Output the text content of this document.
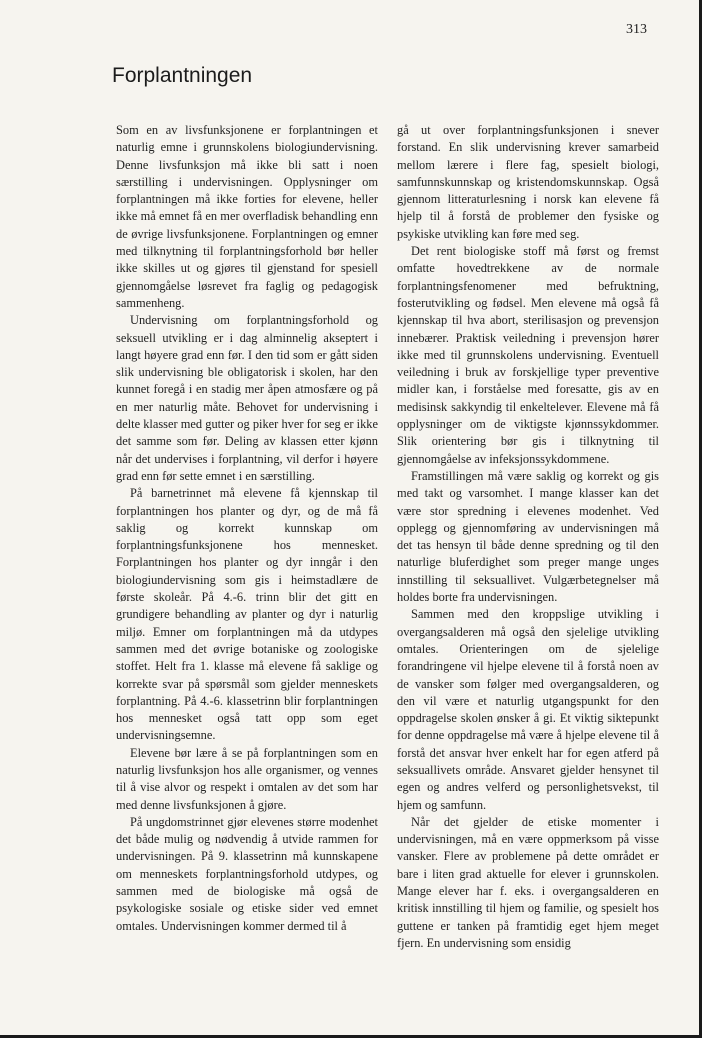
313
Forplantningen

Som en av livsfunksjonene er forplantningen et naturlig emne i grunnskolens biologiundervisning. Denne livsfunksjon må ikke bli satt i noen særstilling i undervisningen. Opplysninger om forplantningen må ikke forties for elevene, heller ikke må emnet få en mer overfladisk behandling enn de øvrige livsfunksjonene. Forplantningen og emner med tilknytning til forplantningsforhold bør heller ikke skilles ut og gjøres til gjenstand for spesiell gjennomgåelse løsrevet fra faglig og pedagogisk sammenheng.

Undervisning om forplantningsforhold og seksuell utvikling er i dag alminnelig akseptert i langt høyere grad enn før. I den tid som er gått siden slik undervisning ble obligatorisk i skolen, har den kunnet foregå i en stadig mer åpen atmosfære og på en mer naturlig måte. Behovet for undervisning i delte klasser med gutter og piker hver for seg er ikke det samme som før. Deling av klassen etter kjønn når det undervises i forplantning, vil derfor i høyere grad enn før sette emnet i en særstilling.

På barnetrinnet må elevene få kjennskap til forplantningen hos planter og dyr, og de må få saklig og korrekt kunnskap om forplantningsfunksjonene hos mennesket. Forplantningen hos planter og dyr inngår i den biologiundervisning som gis i heimstadlære de første skoleår. På 4.-6. trinn blir det gitt en grundigere behandling av planter og dyr i naturlig miljø. Emner om forplantningen må da utdypes sammen med det øvrige botaniske og zoologiske stoffet. Helt fra 1. klasse må elevene få saklige og korrekte svar på spørsmål som gjelder menneskets forplantning. På 4.-6. klassetrinn blir forplantningen hos mennesket også tatt opp som eget undervisningsemne.

Elevene bør lære å se på forplantningen som en naturlig livsfunksjon hos alle organismer, og vennes til å vise alvor og respekt i omtalen av det som har med denne livsfunksjonen å gjøre.

På ungdomstrinnet gjør elevenes større modenhet det både mulig og nødvendig å utvide rammen for undervisningen. På 9. klassetrinn må kunnskapene om menneskets forplantningsforhold utdypes, og sammen med de biologiske må også de psykologiske sosiale og etiske sider ved emnet omtales. Undervisningen kommer dermed til å

gå ut over forplantningsfunksjonen i snever forstand. En slik undervisning krever samarbeid mellom lærere i flere fag, spesielt biologi, samfunnskunnskap og kristendomskunnskap. Også gjennom litteraturlesning i norsk kan elevene få hjelp til å forstå de problemer den fysiske og psykiske utvikling kan føre med seg.

Det rent biologiske stoff må først og fremst omfatte hovedtrekkene av de normale forplantningsfenomener med befruktning, fosterutvikling og fødsel. Men elevene må også få kjennskap til hva abort, sterilisasjon og prevensjon innebærer. Praktisk veiledning i prevensjon hører ikke med til grunnskolens undervisning. Eventuell veiledning i bruk av forskjellige typer preventive midler kan, i forståelse med foresatte, gis av en medisinsk sakkyndig til enkeltelever. Elevene må få opplysninger om de viktigste kjønnssykdommer. Slik orientering bør gis i tilknytning til gjennomgåelse av infeksjonssykdommene.

Framstillingen må være saklig og korrekt og gis med takt og varsomhet. I mange klasser kan det være stor spredning i elevenes modenhet. Ved opplegg og gjennomføring av undervisningen må det tas hensyn til både denne spredning og til den naturlige bluferdighet som preger mange unges innstilling til seksuallivet. Vulgærbetegnelser må holdes borte fra undervisningen.

Sammen med den kroppslige utvikling i overgangsalderen må også den sjelelige utvikling omtales. Orienteringen om de sjelelige forandringene vil hjelpe elevene til å forstå noen av de vansker som følger med overgangsalderen, og den vil være et naturlig utgangspunkt for den oppdragelse skolen ønsker å gi. Et viktig siktepunkt for denne oppdragelse må være å hjelpe elevene til å forstå det ansvar hver enkelt har for egen atferd på seksuallivets område. Ansvaret gjelder hensynet til egen og andres velferd og personlighetsvekst, til hjem og samfunn.

Når det gjelder de etiske momenter i undervisningen, må en være oppmerksom på visse vansker. Flere av problemene på dette området er bare i liten grad aktuelle for elever i grunnskolen. Mange elever har f. eks. i overgangsalderen en kritisk innstilling til hjem og familie, og spesielt hos guttene er tanken på framtidig eget hjem meget fjern. En undervisning som ensidig
